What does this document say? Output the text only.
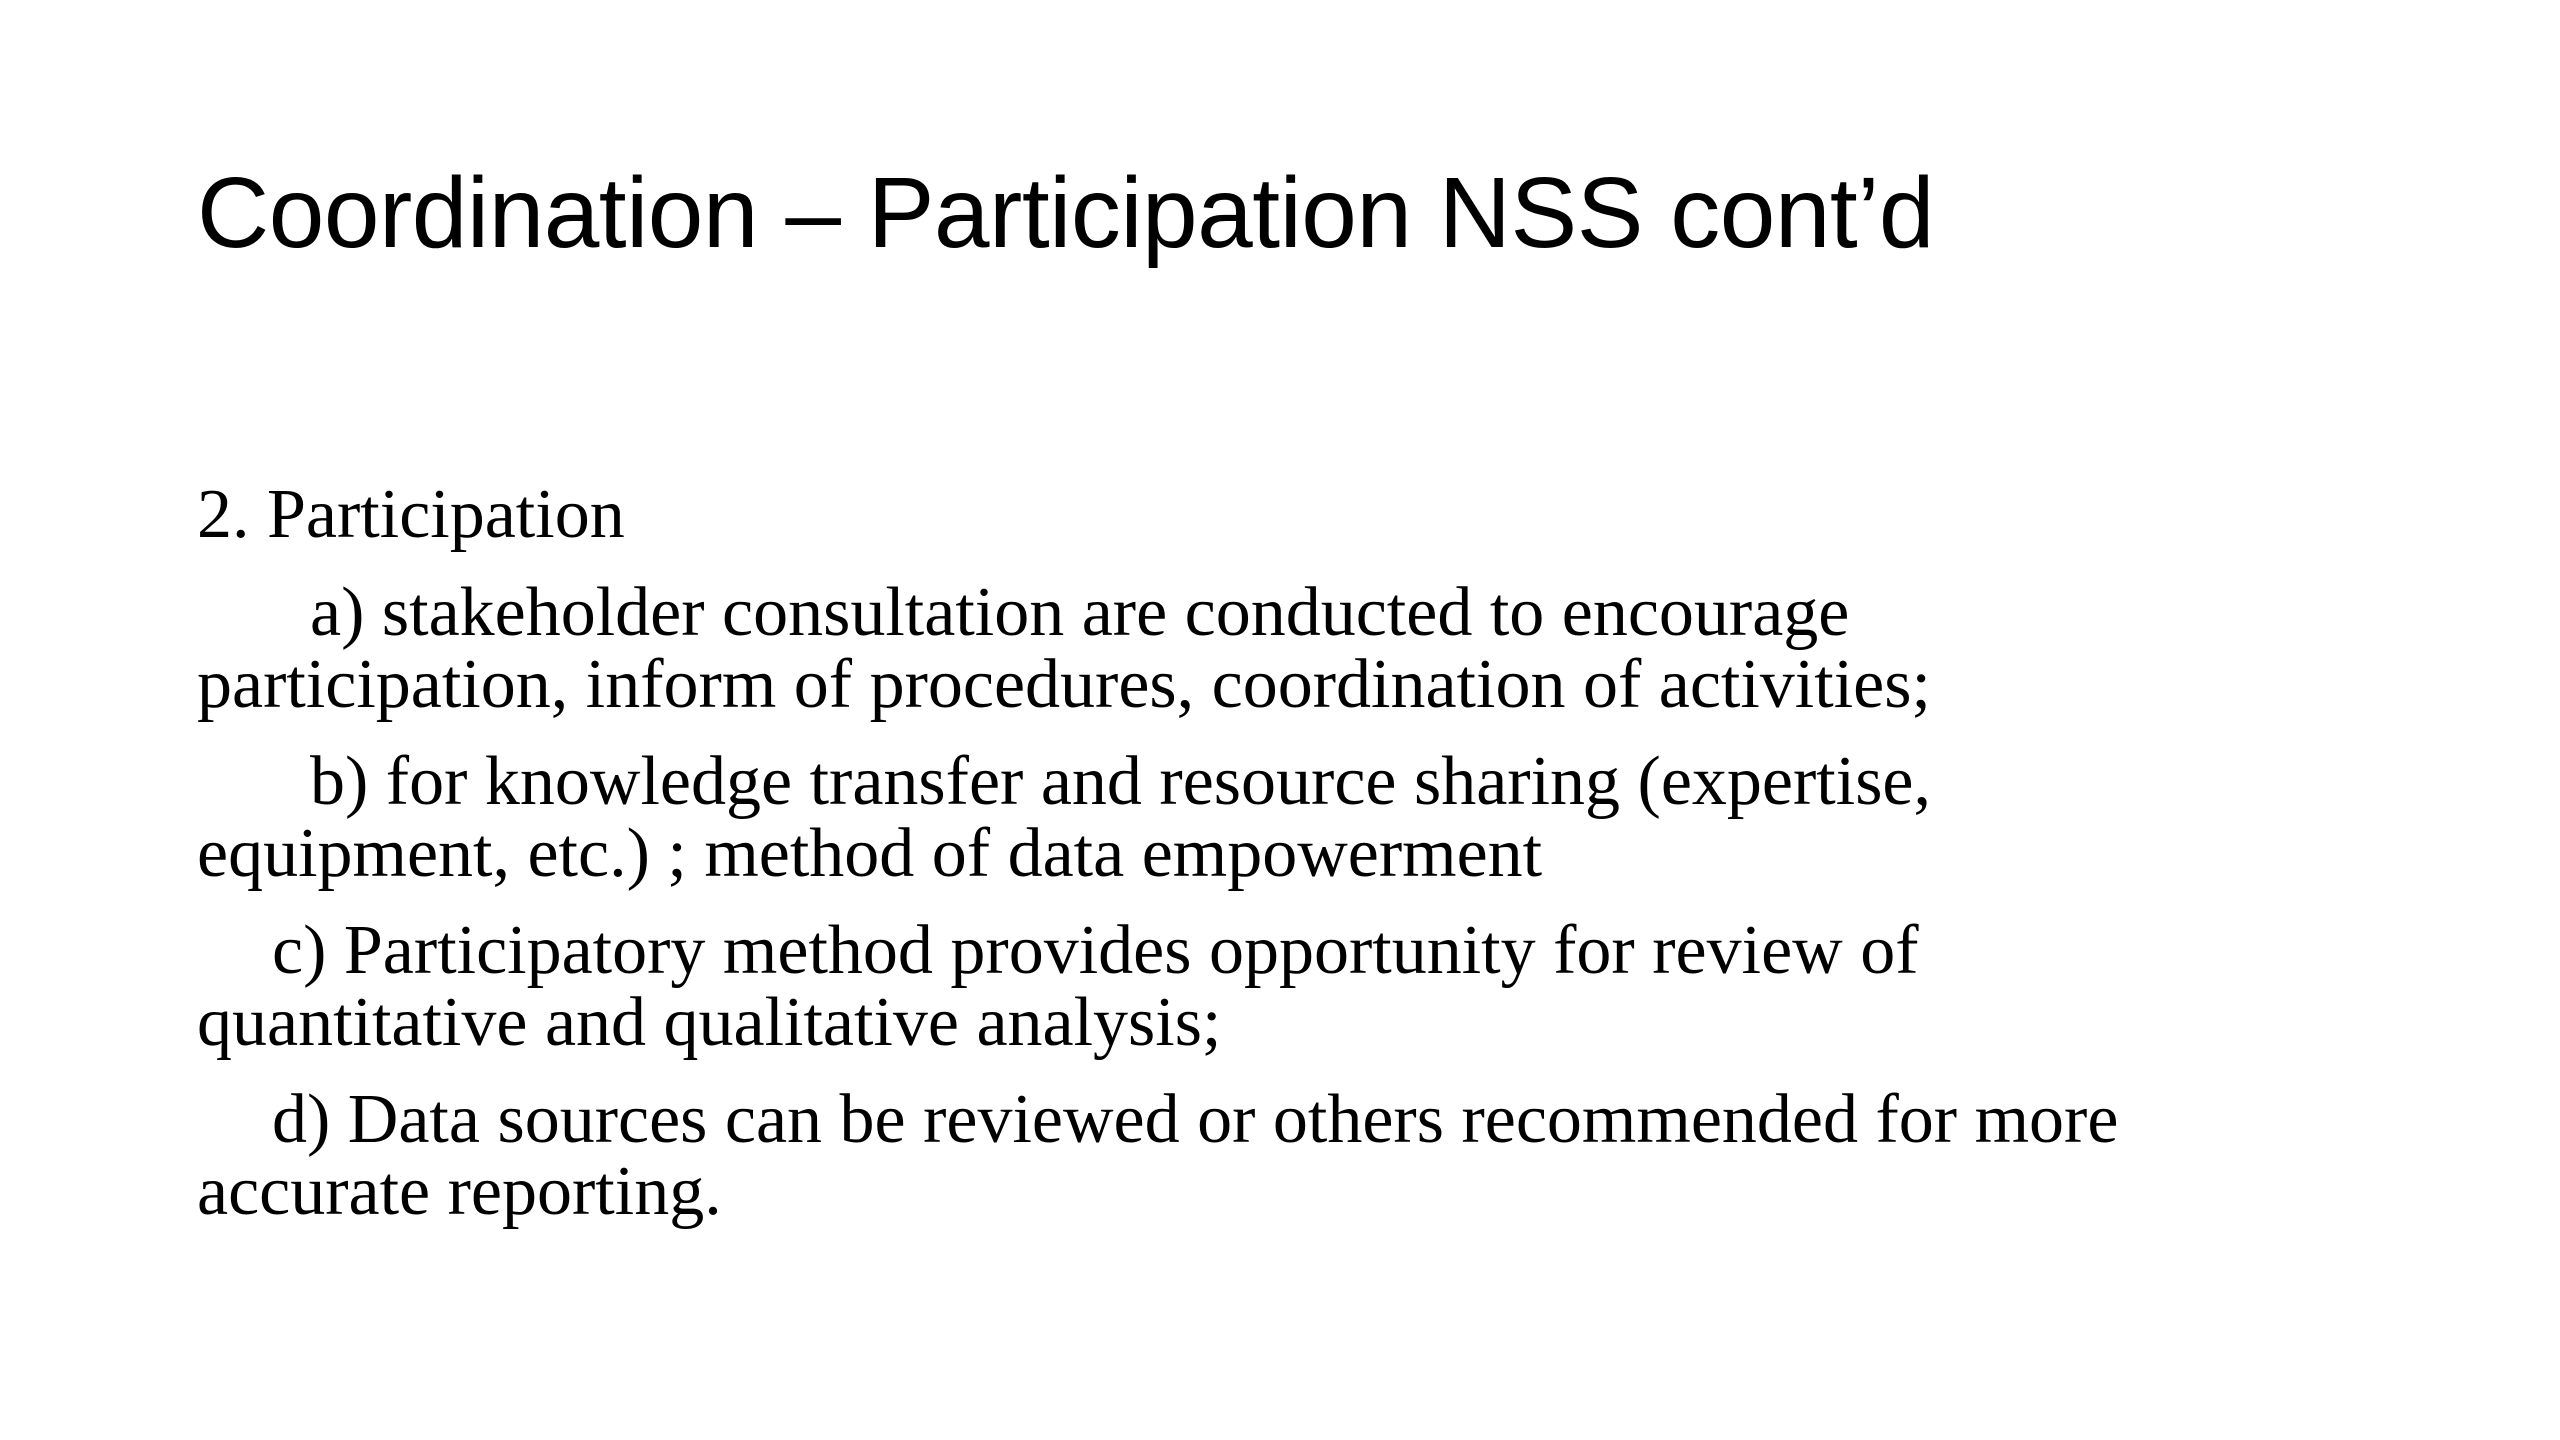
Coordination – Participation NSS cont’d

2. Participation

a) stakeholder consultation are conducted to encourage
participation, inform of procedures, coordination of activities;

b) for knowledge transfer and resource sharing (expertise,
equipment, etc.) ; method of data empowerment

c) Participatory method provides opportunity for review of
quantitative and qualitative analysis;

d) Data sources can be reviewed or others recommended for more
accurate reporting.
